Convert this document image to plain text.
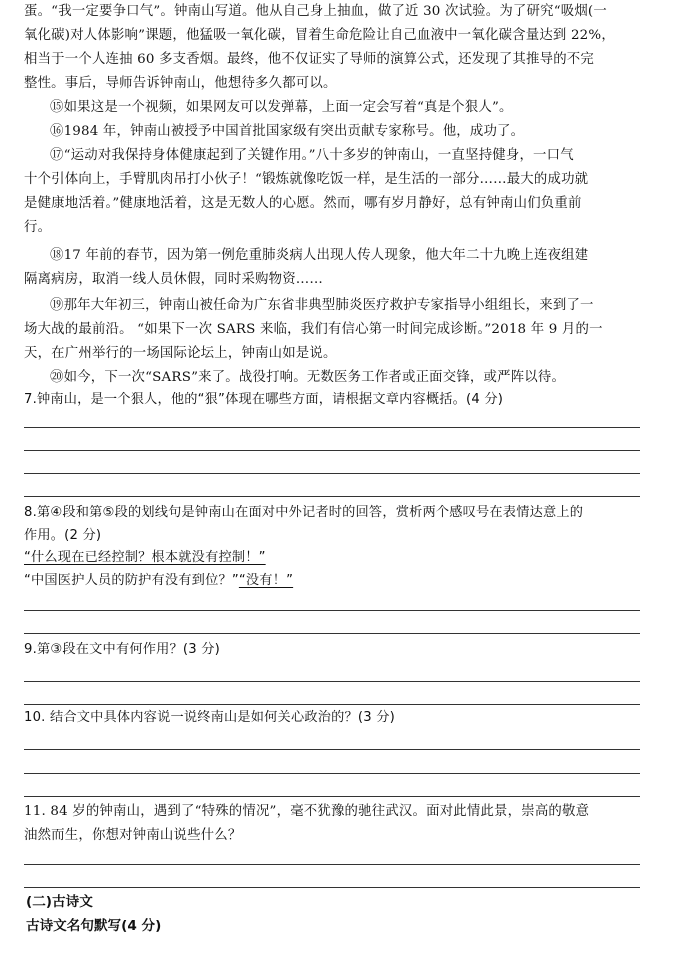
蛋。“我一定要争口气”。钟南山写道。他从自己身上抽血，做了近 30 次试验。为了研究“吸烟(一
氧化碳)对人体影响”课题，他猛吸一氧化碳，冒着生命危险让自己血液中一氧化碳含量达到 22%，
相当于一个人连抽 60 多支香烟。最终，他不仅证实了导师的演算公式，还发现了其推导的不完
整性。事后，导师告诉钟南山，他想待多久都可以。
⑮如果这是一个视频，如果网友可以发弹幕，上面一定会写着“真是个狠人”。
⑯1984 年，钟南山被授予中国首批国家级有突出贡献专家称号。他，成功了。
⑰“运动对我保持身体健康起到了关键作用。”八十多岁的钟南山，一直坚持健身，一口气
十个引体向上，手臂肌肉吊打小伙子！“锻炼就像吃饭一样，是生活的一部分……最大的成功就
是健康地活着。”健康地活着，这是无数人的心愿。然而，哪有岁月静好，总有钟南山们负重前
行。
⑱17 年前的春节，因为第一例危重肺炎病人出现人传人现象，他大年二十九晚上连夜组建
隔离病房，取消一线人员休假，同时采购物资……
⑲那年大年初三，钟南山被任命为广东省非典型肺炎医疗救护专家指导小组组长，来到了一
场大战的最前沿。 “如果下一次 SARS 来临，我们有信心第一时间完成诊断。”2018 年 9 月的一
天，在广州举行的一场国际论坛上，钟南山如是说。
⑳如今，下一次“SARS”来了。战役打响。无数医务工作者或正面交锋，或严阵以待。
7.钟南山，是一个狠人，他的“狠”体现在哪些方面，请根据文章内容概括。(4 分)
8.第④段和第⑤段的划线句是钟南山在面对中外记者时的回答，赏析两个感叹号在表情达意上的
作用。(2 分)
“什么现在已经控制？根本就没有控制！”
“中国医护人员的防护有没有到位？”“没有！”
9.第③段在文中有何作用？(3 分)
10. 结合文中具体内容说一说终南山是如何关心政治的？(3 分)
11. 84 岁的钟南山，遇到了“特殊的情况”，毫不犹豫的驰往武汉。面对此情此景，崇高的敬意
油然而生，你想对钟南山说些什么？
(二)古诗文
古诗文名句默写(4 分)
